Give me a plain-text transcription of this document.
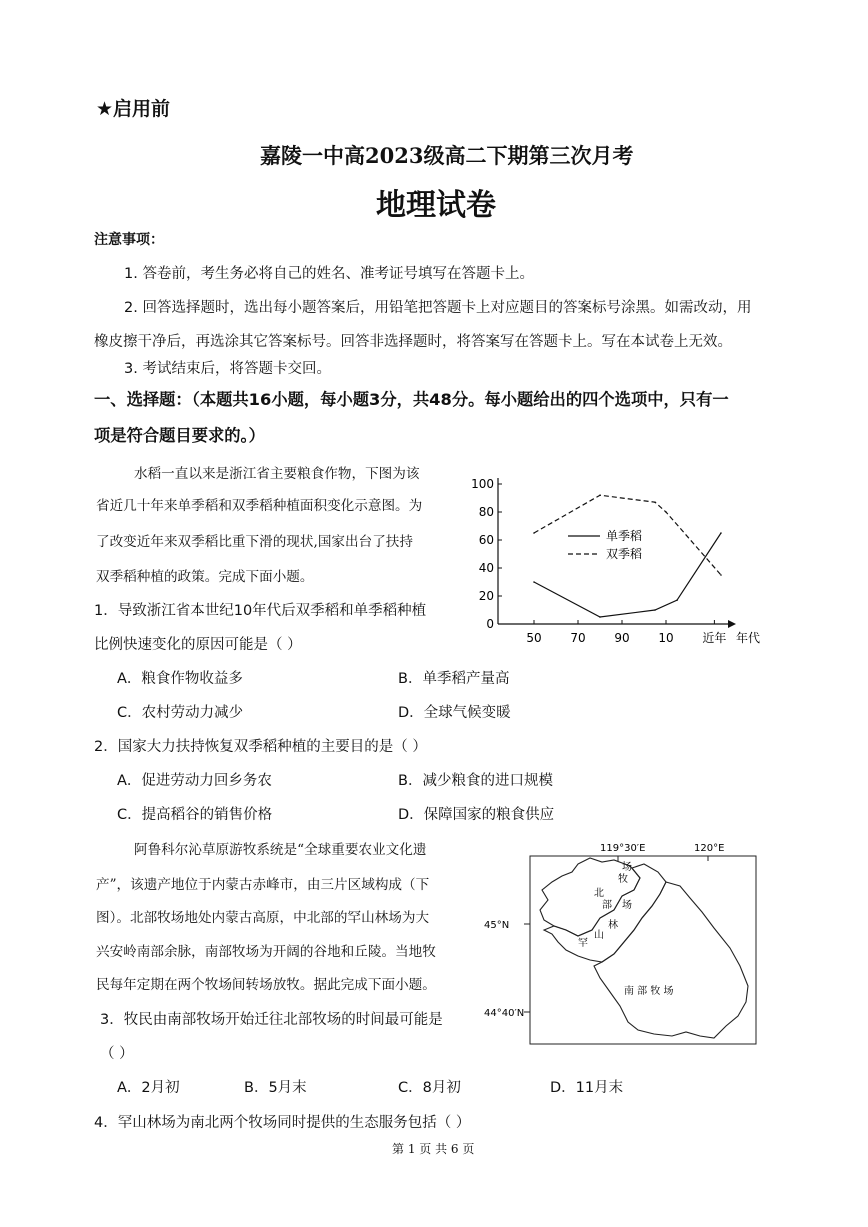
★启用前
嘉陵一中高2023级高二下期第三次月考
地理试卷
注意事项：
1. 答卷前，考生务必将自己的姓名、准考证号填写在答题卡上。
2. 回答选择题时，选出每小题答案后，用铅笔把答题卡上对应题目的答案标号涂黑。如需改动，用
橡皮擦干净后，再选涂其它答案标号。回答非选择题时，将答案写在答题卡上。写在本试卷上无效。
3. 考试结束后，将答题卡交回。
一、选择题：（本题共16小题，每小题3分，共48分。每小题给出的四个选项中，只有一
项是符合题目要求的。）
水稻一直以来是浙江省主要粮食作物，下图为该
省近几十年来单季稻和双季稻种植面积变化示意图。为
了改变近年来双季稻比重下滑的现状,国家出台了扶持
双季稻种植的政策。完成下面小题。
0
20
40
60
80
100
50 70 90 10 近年 年代
单季稻
双季稻
1．导致浙江省本世纪10年代后双季稻和单季稻种植
比例快速变化的原因可能是（ ）
A．粮食作物收益多	B．单季稻产量高
C．农村劳动力减少	D．全球气候变暖
2．国家大力扶持恢复双季稻种植的主要目的是（ ）
A．促进劳动力回乡务农	B．减少粮食的进口规模
C．提高稻谷的销售价格	D．保障国家的粮食供应
阿鲁科尔沁草原游牧系统是“全球重要农业文化遗
产”，该遗产地位于内蒙古赤峰市，由三片区域构成（下
图）。北部牧场地处内蒙古高原，中北部的罕山林场为大
兴安岭南部余脉，南部牧场为开阔的谷地和丘陵。当地牧
民每年定期在两个牧场间转场放牧。据此完成下面小题。
119°30′E	120°E
45°N
44°40′N
北
部
牧
场
罕
山
林
场
南 部 牧 场
3．牧民由南部牧场开始迁往北部牧场的时间最可能是
（ ）
A．2月初	B．5月末	C．8月初	D．11月末
4．罕山林场为南北两个牧场同时提供的生态服务包括（ ）
第 1 页 共 6 页
